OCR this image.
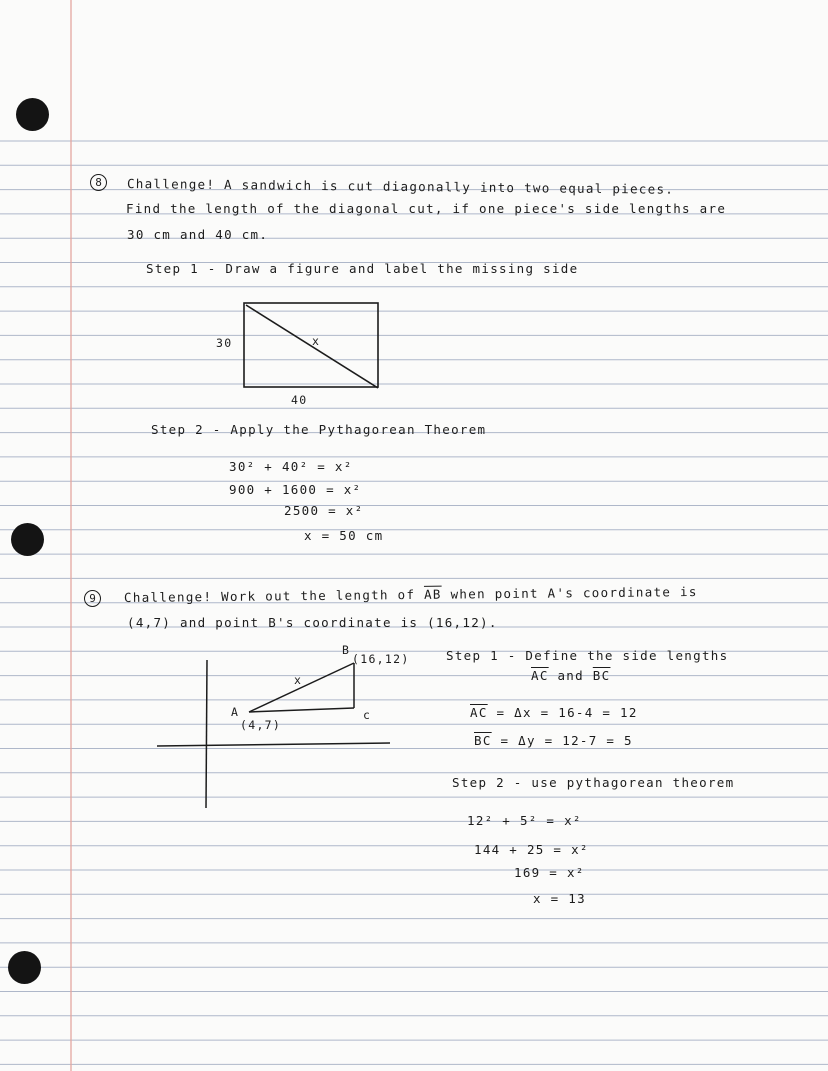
8	Challenge! A sandwich is cut diagonally into two equal pieces.
Find the length of the diagonal cut, if one piece's side lengths are
30 cm and 40 cm.
Step 1 - Draw a figure and label the missing side
30	x
40
Step 2 - Apply the Pythagorean Theorem
30² + 40² = x²
900 + 1600 = x²
2500 = x²
x = 50 cm
9	Challenge! Work out the length of $\overline{AB}$ when point A's coordinate is
(4,7) and point B's coordinate is (16,12).
B
(16,12)
x
A	c
(4,7)
Step 1 - Define the side lengths
$\overline{AC}$ and $\overline{BC}$
$\overline{AC} = \Delta x = 16-4 = 12$
$\overline{BC} = \Delta y = 12-7 = 5$
Step 2 - use pythagorean theorem
12² + 5² = x²
144 + 25 = x²
169 = x²
x = 13
